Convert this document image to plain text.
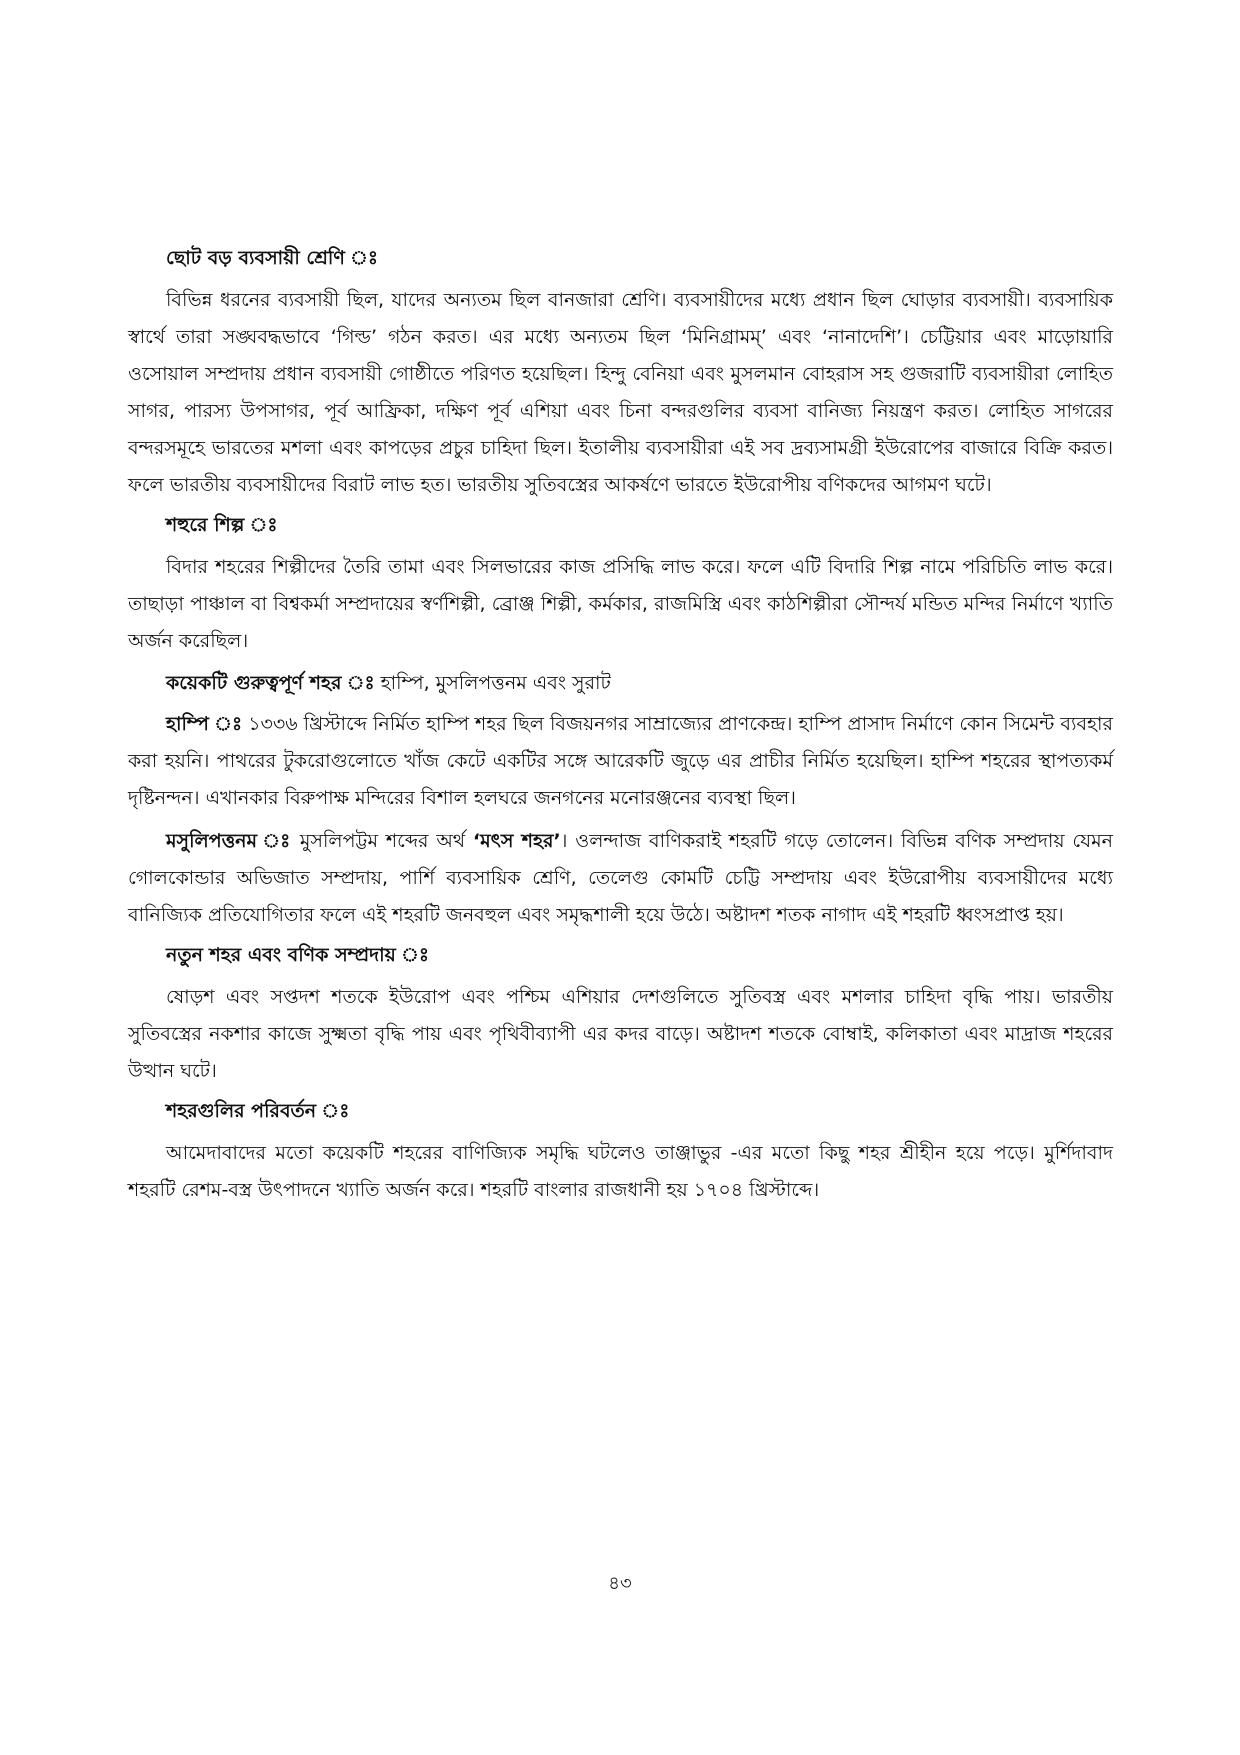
ছোট বড় ব্যবসায়ী শ্রেণি ঃ

বিভিন্ন ধরনের ব্যবসায়ী ছিল, যাদের অন্যতম ছিল বানজারা শ্রেণি। ব্যবসায়ীদের মধ্যে প্রধান ছিল ঘোড়ার ব্যবসায়ী। ব্যবসায়িক স্বার্থে তারা সঙ্ঘবদ্ধভাবে ‘গিল্ড’ গঠন করত। এর মধ্যে অন্যতম ছিল ‘মিনিগ্রামম্’ এবং ‘নানাদেশি’। চেট্টিয়ার এবং মাড়োয়ারি ওসোয়াল সম্প্রদায় প্রধান ব্যবসায়ী গোষ্ঠীতে পরিণত হয়েছিল। হিন্দু বেনিয়া এবং মুসলমান বোহরাস সহ গুজরাটি ব্যবসায়ীরা লোহিত সাগর, পারস্য উপসাগর, পূর্ব আফ্রিকা, দক্ষিণ পূর্ব এশিয়া এবং চিনা বন্দরগুলির ব্যবসা বানিজ্য নিয়ন্ত্রণ করত। লোহিত সাগরের বন্দরসমূহে ভারতের মশলা এবং কাপড়ের প্রচুর চাহিদা ছিল। ইতালীয় ব্যবসায়ীরা এই সব দ্রব্যসামগ্রী ইউরোপের বাজারে বিক্রি করত। ফলে ভারতীয় ব্যবসায়ীদের বিরাট লাভ হত। ভারতীয় সুতিবস্ত্রের আকর্ষণে ভারতে ইউরোপীয় বণিকদের আগমণ ঘটে।

শহুরে শিল্প ঃ

বিদার শহরের শিল্পীদের তৈরি তামা এবং সিলভারের কাজ প্রসিদ্ধি লাভ করে। ফলে এটি বিদারি শিল্প নামে পরিচিতি লাভ করে। তাছাড়া পাঞ্চাল বা বিশ্বকর্মা সম্প্রদায়ের স্বর্ণশিল্পী, ব্রোঞ্জ শিল্পী, কর্মকার, রাজমিস্ত্রি এবং কাঠশিল্পীরা সৌন্দর্য মন্ডিত মন্দির নির্মাণে খ্যাতি অর্জন করেছিল।

কয়েকটি গুরুত্বপূর্ণ শহর ঃ হাম্পি, মুসলিপত্তনম এবং সুরাট

হাম্পি ঃ ১৩৩৬ খ্রিস্টাব্দে নির্মিত হাম্পি শহর ছিল বিজয়নগর সাম্রাজ্যের প্রাণকেন্দ্র। হাম্পি প্রাসাদ নির্মাণে কোন সিমেন্ট ব্যবহার করা হয়নি। পাথরের টুকরোগুলোতে খাঁজ কেটে একটির সঙ্গে আরেকটি জুড়ে এর প্রাচীর নির্মিত হয়েছিল। হাম্পি শহরের স্থাপত্যকর্ম দৃষ্টিনন্দন। এখানকার বিরুপাক্ষ মন্দিরের বিশাল হলঘরে জনগনের মনোরঞ্জনের ব্যবস্থা ছিল।

মসুলিপত্তনম ঃ মুসলিপট্টম শব্দের অর্থ ‘মৎস শহর’। ওলন্দাজ বাণিকরাই শহরটি গড়ে তোলেন। বিভিন্ন বণিক সম্প্রদায় যেমন গোলকোন্ডার অভিজাত সম্প্রদায়, পার্শি ব্যবসায়িক শ্রেণি, তেলেগু কোমটি চেট্টি সম্প্রদায় এবং ইউরোপীয় ব্যবসায়ীদের মধ্যে বানিজ্যিক প্রতিযোগিতার ফলে এই শহরটি জনবহুল এবং সমৃদ্ধশালী হয়ে উঠে। অষ্টাদশ শতক নাগাদ এই শহরটি ধ্বংসপ্রাপ্ত হয়।

নতুন শহর এবং বণিক সম্প্রদায় ঃ

ষোড়শ এবং সপ্তদশ শতকে ইউরোপ এবং পশ্চিম এশিয়ার দেশগুলিতে সুতিবস্ত্র এবং মশলার চাহিদা বৃদ্ধি পায়। ভারতীয় সুতিবস্ত্রের নকশার কাজে সুক্ষ্মতা বৃদ্ধি পায় এবং পৃথিবীব্যাপী এর কদর বাড়ে। অষ্টাদশ শতকে বোম্বাই, কলিকাতা এবং মাদ্রাজ শহরের উত্থান ঘটে।

শহরগুলির পরিবর্তন ঃ

আমেদাবাদের মতো কয়েকটি শহরের বাণিজ্যিক সমৃদ্ধি ঘটলেও তাঞ্জাভুর -এর মতো কিছু শহর শ্রীহীন হয়ে পড়ে। মুর্শিদাবাদ শহরটি রেশম-বস্ত্র উৎপাদনে খ্যাতি অর্জন করে। শহরটি বাংলার রাজধানী হয় ১৭০৪ খ্রিস্টাব্দে।

৪৩
